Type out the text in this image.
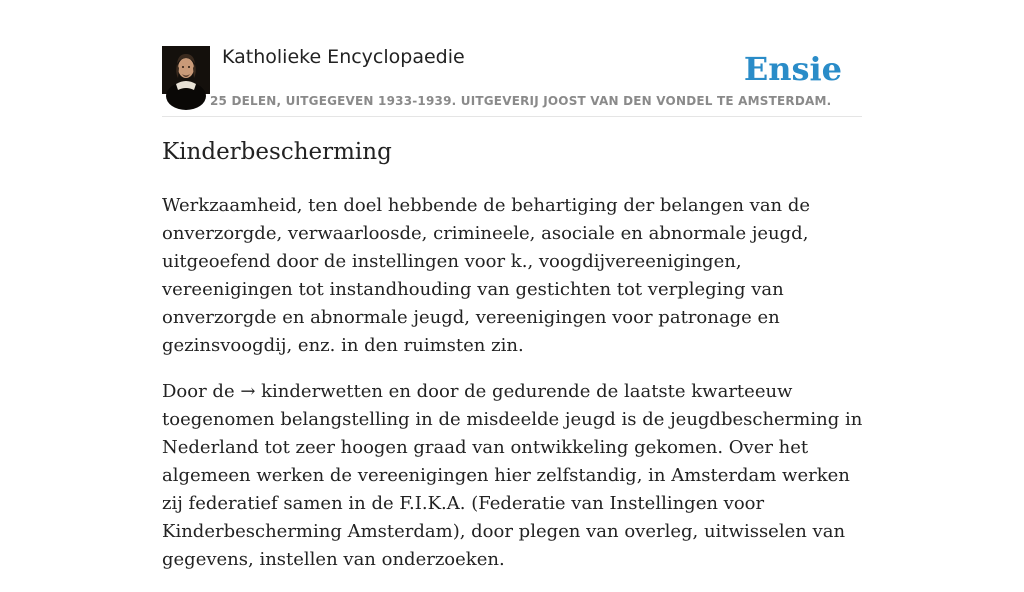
Katholieke Encyclopaedie
25 DELEN, UITGEGEVEN 1933-1939. UITGEVERIJ JOOST VAN DEN VONDEL TE AMSTERDAM.
Ensie
Kinderbescherming

Werkzaamheid, ten doel hebbende de behartiging der belangen van de onverzorgde, verwaarloosde, crimineele, asociale en abnormale jeugd, uitgeoefend door de instellingen voor k., voogdijvereenigingen, vereenigingen tot instandhouding van gestichten tot verpleging van onverzorgde en abnormale jeugd, vereenigingen voor patronage en gezinsvoogdij, enz. in den ruimsten zin.

Door de → kinderwetten en door de gedurende de laatste kwarteeuw toegenomen belangstelling in de misdeelde jeugd is de jeugdbescherming in Nederland tot zeer hoogen graad van ontwikkeling gekomen. Over het algemeen werken de vereenigingen hier zelfstandig, in Amsterdam werken zij federatief samen in de F.I.K.A. (Federatie van Instellingen voor Kinderbescherming Amsterdam), door plegen van overleg, uitwisselen van gegevens, instellen van onderzoeken.
